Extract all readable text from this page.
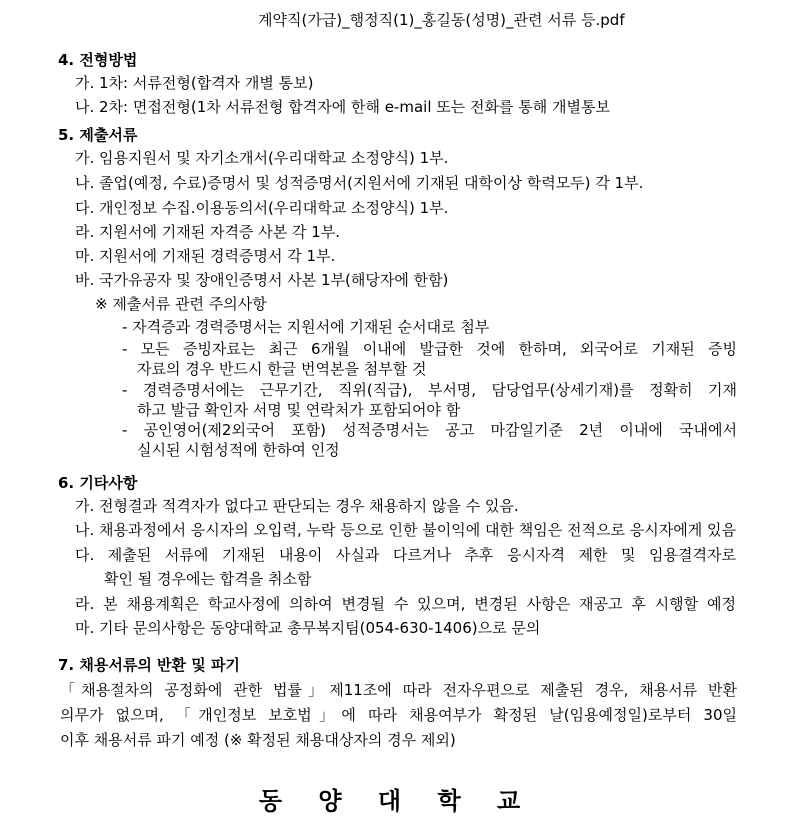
계약직(가급)_행정직(1)_홍길동(성명)_관련 서류 등.pdf
4. 전형방법
가. 1차: 서류전형(합격자 개별 통보)
나. 2차: 면접전형(1차 서류전형 합격자에 한해 e-mail 또는 전화를 통해 개별통보
5. 제출서류
가. 임용지원서 및 자기소개서(우리대학교 소정양식) 1부.
나. 졸업(예정, 수료)증명서 및 성적증명서(지원서에 기재된 대학이상 학력모두) 각 1부.
다. 개인정보 수집.이용동의서(우리대학교 소정양식) 1부.
라. 지원서에 기재된 자격증 사본 각 1부.
마. 지원서에 기재된 경력증명서 각 1부.
바. 국가유공자 및 장애인증명서 사본 1부(해당자에 한함)
※ 제출서류 관련 주의사항
- 자격증과 경력증명서는 지원서에 기재된 순서대로 첨부
- 모든 증빙자료는 최근 6개월 이내에 발급한 것에 한하며, 외국어로 기재된 증빙
자료의 경우 반드시 한글 번역본을 첨부할 것
- 경력증명서에는 근무기간, 직위(직급), 부서명, 담당업무(상세기재)를 정확히 기재
하고 발급 확인자 서명 및 연락처가 포함되어야 함
- 공인영어(제2외국어 포함) 성적증명서는 공고 마감일기준 2년 이내에 국내에서
실시된 시험성적에 한하여 인정
6. 기타사항
가. 전형결과 적격자가 없다고 판단되는 경우 채용하지 않을 수 있음.
나. 채용과정에서 응시자의 오입력, 누락 등으로 인한 불이익에 대한 책임은 전적으로 응시자에게 있음
다. 제출된 서류에 기재된 내용이 사실과 다르거나 추후 응시자격 제한 및 임용결격자로
확인 될 경우에는 합격을 취소함
라. 본 채용계획은 학교사정에 의하여 변경될 수 있으며, 변경된 사항은 재공고 후 시행할 예정
마. 기타 문의사항은 동양대학교 총무복지팀(054-630-1406)으로 문의
7. 채용서류의 반환 및 파기
「채용절차의 공정화에 관한 법률」제11조에 따라 전자우편으로 제출된 경우, 채용서류 반환
의무가 없으며, 「개인정보 보호법」에 따라 채용여부가 확정된 날(임용예정일)로부터 30일
이후 채용서류 파기 예정 (※ 확정된 채용대상자의 경우 제외)
동 양 대 학 교
